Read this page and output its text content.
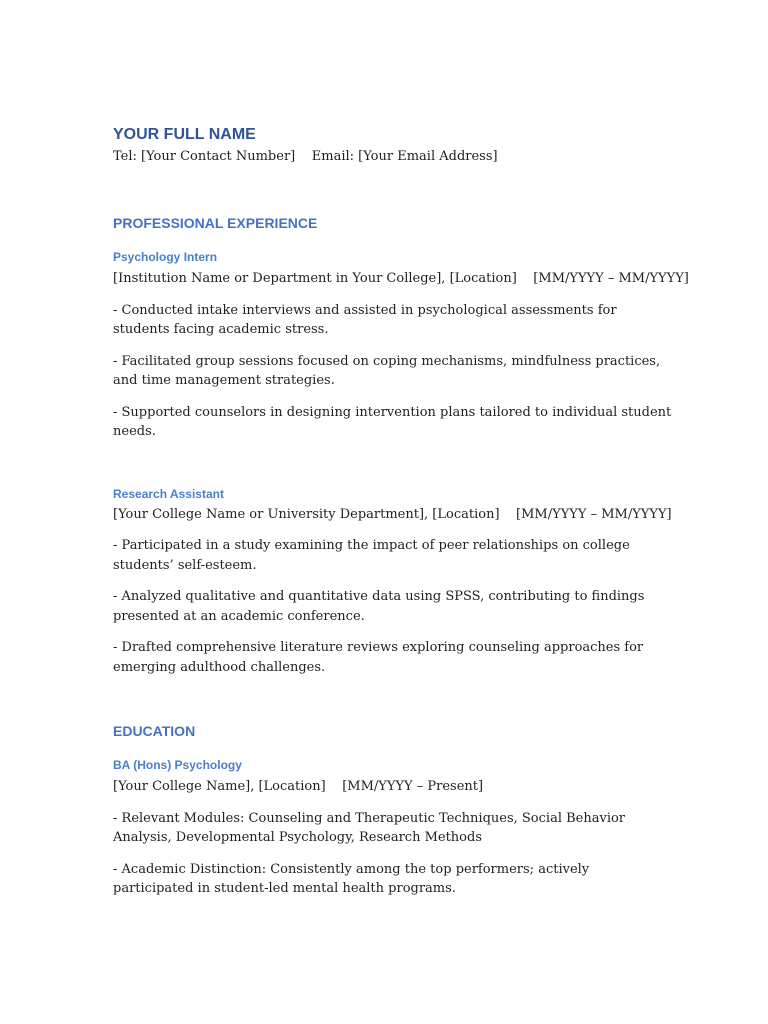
YOUR FULL NAME

Tel: [Your Contact Number]    Email: [Your Email Address]

PROFESSIONAL EXPERIENCE
Psychology Intern

[Institution Name or Department in Your College], [Location]    [MM/YYYY – MM/YYYY]

- Conducted intake interviews and assisted in psychological assessments for students facing academic stress.

- Facilitated group sessions focused on coping mechanisms, mindfulness practices, and time management strategies.

- Supported counselors in designing intervention plans tailored to individual student needs.

Research Assistant

[Your College Name or University Department], [Location]    [MM/YYYY – MM/YYYY]

- Participated in a study examining the impact of peer relationships on college students’ self-esteem.

- Analyzed qualitative and quantitative data using SPSS, contributing to findings presented at an academic conference.

- Drafted comprehensive literature reviews exploring counseling approaches for emerging adulthood challenges.

EDUCATION
BA (Hons) Psychology

[Your College Name], [Location]    [MM/YYYY – Present]

- Relevant Modules: Counseling and Therapeutic Techniques, Social Behavior Analysis, Developmental Psychology, Research Methods

- Academic Distinction: Consistently among the top performers; actively participated in student-led mental health programs.
